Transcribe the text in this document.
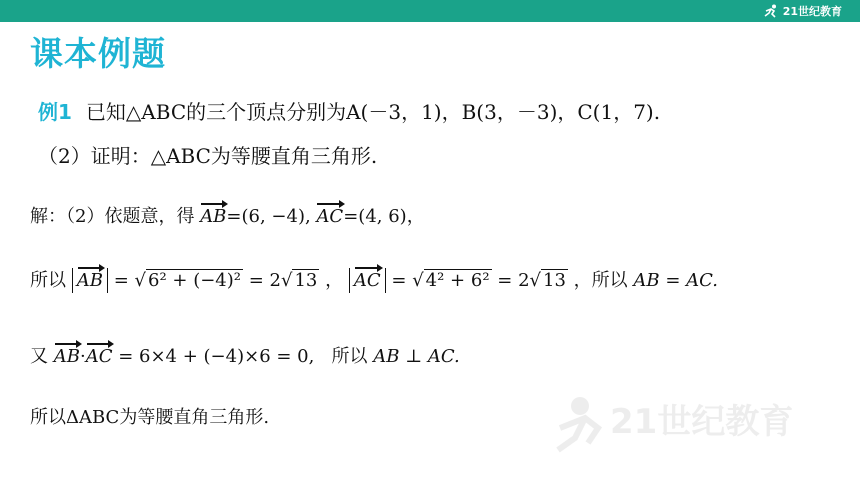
21世纪教育
课本例题
例1 已知△ABC的三个顶点分别为A(－3，1)，B(3，－3)，C(1，7).
（2）证明：△ABC为等腰直角三角形.
解：（2）依题意，得 AB=(6, −4), AC=(4, 6)，
所以 AB = √ 6² + (−4)² = 2√ 13 ， AC = √ 4² + 6² = 2√ 13 ，所以 AB = AC.
又 AB·AC = 6×4 + (−4)×6 = 0, 所以 AB ⊥ AC.
所以ΔABC为等腰直角三角形.	21世纪教育
